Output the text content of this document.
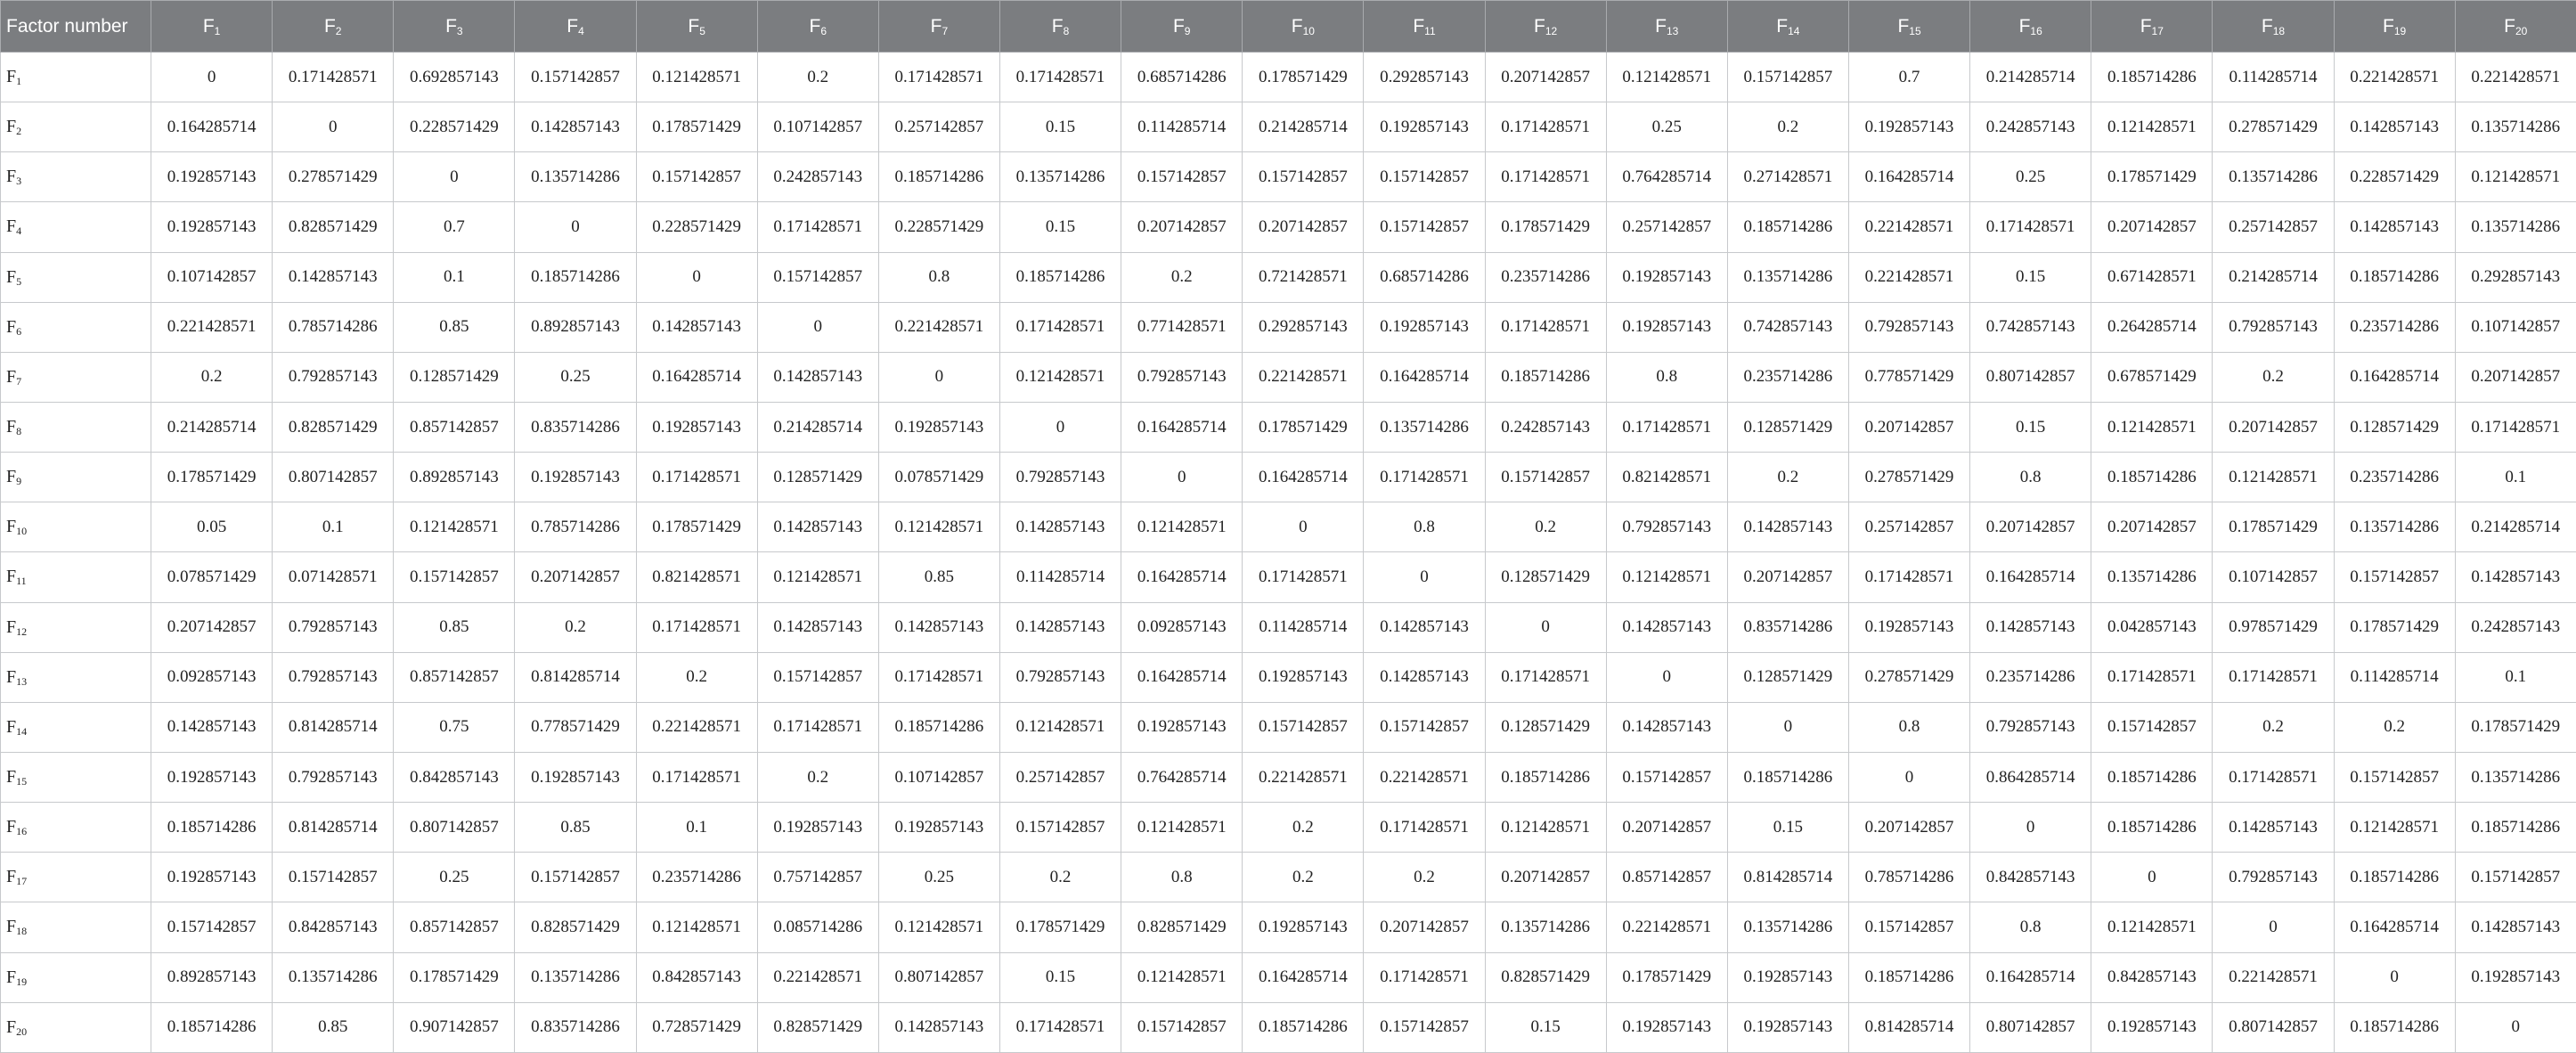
Factor number	$F_1$	$F_2$	$F_3$	$F_4$	$F_5$	$F_6$	$F_7$	$F_8$	$F_9$	$F_{10}$	$F_{11}$	$F_{12}$	$F_{13}$	$F_{14}$	$F_{15}$	$F_{16}$	$F_{17}$	$F_{18}$	$F_{19}$	$F_{20}$
$F_1$	0	0.171428571	0.692857143	0.157142857	0.121428571	0.2	0.171428571	0.171428571	0.685714286	0.178571429	0.292857143	0.207142857	0.121428571	0.157142857	0.7	0.214285714	0.185714286	0.114285714	0.221428571	0.221428571
$F_2$	0.164285714	0	0.228571429	0.142857143	0.178571429	0.107142857	0.257142857	0.15	0.114285714	0.214285714	0.192857143	0.171428571	0.25	0.2	0.192857143	0.242857143	0.121428571	0.278571429	0.142857143	0.135714286
$F_3$	0.192857143	0.278571429	0	0.135714286	0.157142857	0.242857143	0.185714286	0.135714286	0.157142857	0.157142857	0.157142857	0.171428571	0.764285714	0.271428571	0.164285714	0.25	0.178571429	0.135714286	0.228571429	0.121428571
$F_4$	0.192857143	0.828571429	0.7	0	0.228571429	0.171428571	0.228571429	0.15	0.207142857	0.207142857	0.157142857	0.178571429	0.257142857	0.185714286	0.221428571	0.171428571	0.207142857	0.257142857	0.142857143	0.135714286
$F_5$	0.107142857	0.142857143	0.1	0.185714286	0	0.157142857	0.8	0.185714286	0.2	0.721428571	0.685714286	0.235714286	0.192857143	0.135714286	0.221428571	0.15	0.671428571	0.214285714	0.185714286	0.292857143
$F_6$	0.221428571	0.785714286	0.85	0.892857143	0.142857143	0	0.221428571	0.171428571	0.771428571	0.292857143	0.192857143	0.171428571	0.192857143	0.742857143	0.792857143	0.742857143	0.264285714	0.792857143	0.235714286	0.107142857
$F_7$	0.2	0.792857143	0.128571429	0.25	0.164285714	0.142857143	0	0.121428571	0.792857143	0.221428571	0.164285714	0.185714286	0.8	0.235714286	0.778571429	0.807142857	0.678571429	0.2	0.164285714	0.207142857
$F_8$	0.214285714	0.828571429	0.857142857	0.835714286	0.192857143	0.214285714	0.192857143	0	0.164285714	0.178571429	0.135714286	0.242857143	0.171428571	0.128571429	0.207142857	0.15	0.121428571	0.207142857	0.128571429	0.171428571
$F_9$	0.178571429	0.807142857	0.892857143	0.192857143	0.171428571	0.128571429	0.078571429	0.792857143	0	0.164285714	0.171428571	0.157142857	0.821428571	0.2	0.278571429	0.8	0.185714286	0.121428571	0.235714286	0.1
$F_{10}$	0.05	0.1	0.121428571	0.785714286	0.178571429	0.142857143	0.121428571	0.142857143	0.121428571	0	0.8	0.2	0.792857143	0.142857143	0.257142857	0.207142857	0.207142857	0.178571429	0.135714286	0.214285714
$F_{11}$	0.078571429	0.071428571	0.157142857	0.207142857	0.821428571	0.121428571	0.85	0.114285714	0.164285714	0.171428571	0	0.128571429	0.121428571	0.207142857	0.171428571	0.164285714	0.135714286	0.107142857	0.157142857	0.142857143
$F_{12}$	0.207142857	0.792857143	0.85	0.2	0.171428571	0.142857143	0.142857143	0.142857143	0.092857143	0.114285714	0.142857143	0	0.142857143	0.835714286	0.192857143	0.142857143	0.042857143	0.978571429	0.178571429	0.242857143
$F_{13}$	0.092857143	0.792857143	0.857142857	0.814285714	0.2	0.157142857	0.171428571	0.792857143	0.164285714	0.192857143	0.142857143	0.171428571	0	0.128571429	0.278571429	0.235714286	0.171428571	0.171428571	0.114285714	0.1
$F_{14}$	0.142857143	0.814285714	0.75	0.778571429	0.221428571	0.171428571	0.185714286	0.121428571	0.192857143	0.157142857	0.157142857	0.128571429	0.142857143	0	0.8	0.792857143	0.157142857	0.2	0.2	0.178571429
$F_{15}$	0.192857143	0.792857143	0.842857143	0.192857143	0.171428571	0.2	0.107142857	0.257142857	0.764285714	0.221428571	0.221428571	0.185714286	0.157142857	0.185714286	0	0.864285714	0.185714286	0.171428571	0.157142857	0.135714286
$F_{16}$	0.185714286	0.814285714	0.807142857	0.85	0.1	0.192857143	0.192857143	0.157142857	0.121428571	0.2	0.171428571	0.121428571	0.207142857	0.15	0.207142857	0	0.185714286	0.142857143	0.121428571	0.185714286
$F_{17}$	0.192857143	0.157142857	0.25	0.157142857	0.235714286	0.757142857	0.25	0.2	0.8	0.2	0.2	0.207142857	0.857142857	0.814285714	0.785714286	0.842857143	0	0.792857143	0.185714286	0.157142857
$F_{18}$	0.157142857	0.842857143	0.857142857	0.828571429	0.121428571	0.085714286	0.121428571	0.178571429	0.828571429	0.192857143	0.207142857	0.135714286	0.221428571	0.135714286	0.157142857	0.8	0.121428571	0	0.164285714	0.142857143
$F_{19}$	0.892857143	0.135714286	0.178571429	0.135714286	0.842857143	0.221428571	0.807142857	0.15	0.121428571	0.164285714	0.171428571	0.828571429	0.178571429	0.192857143	0.185714286	0.164285714	0.842857143	0.221428571	0	0.192857143
$F_{20}$	0.185714286	0.85	0.907142857	0.835714286	0.728571429	0.828571429	0.142857143	0.171428571	0.157142857	0.185714286	0.157142857	0.15	0.192857143	0.192857143	0.814285714	0.807142857	0.192857143	0.807142857	0.185714286	0
